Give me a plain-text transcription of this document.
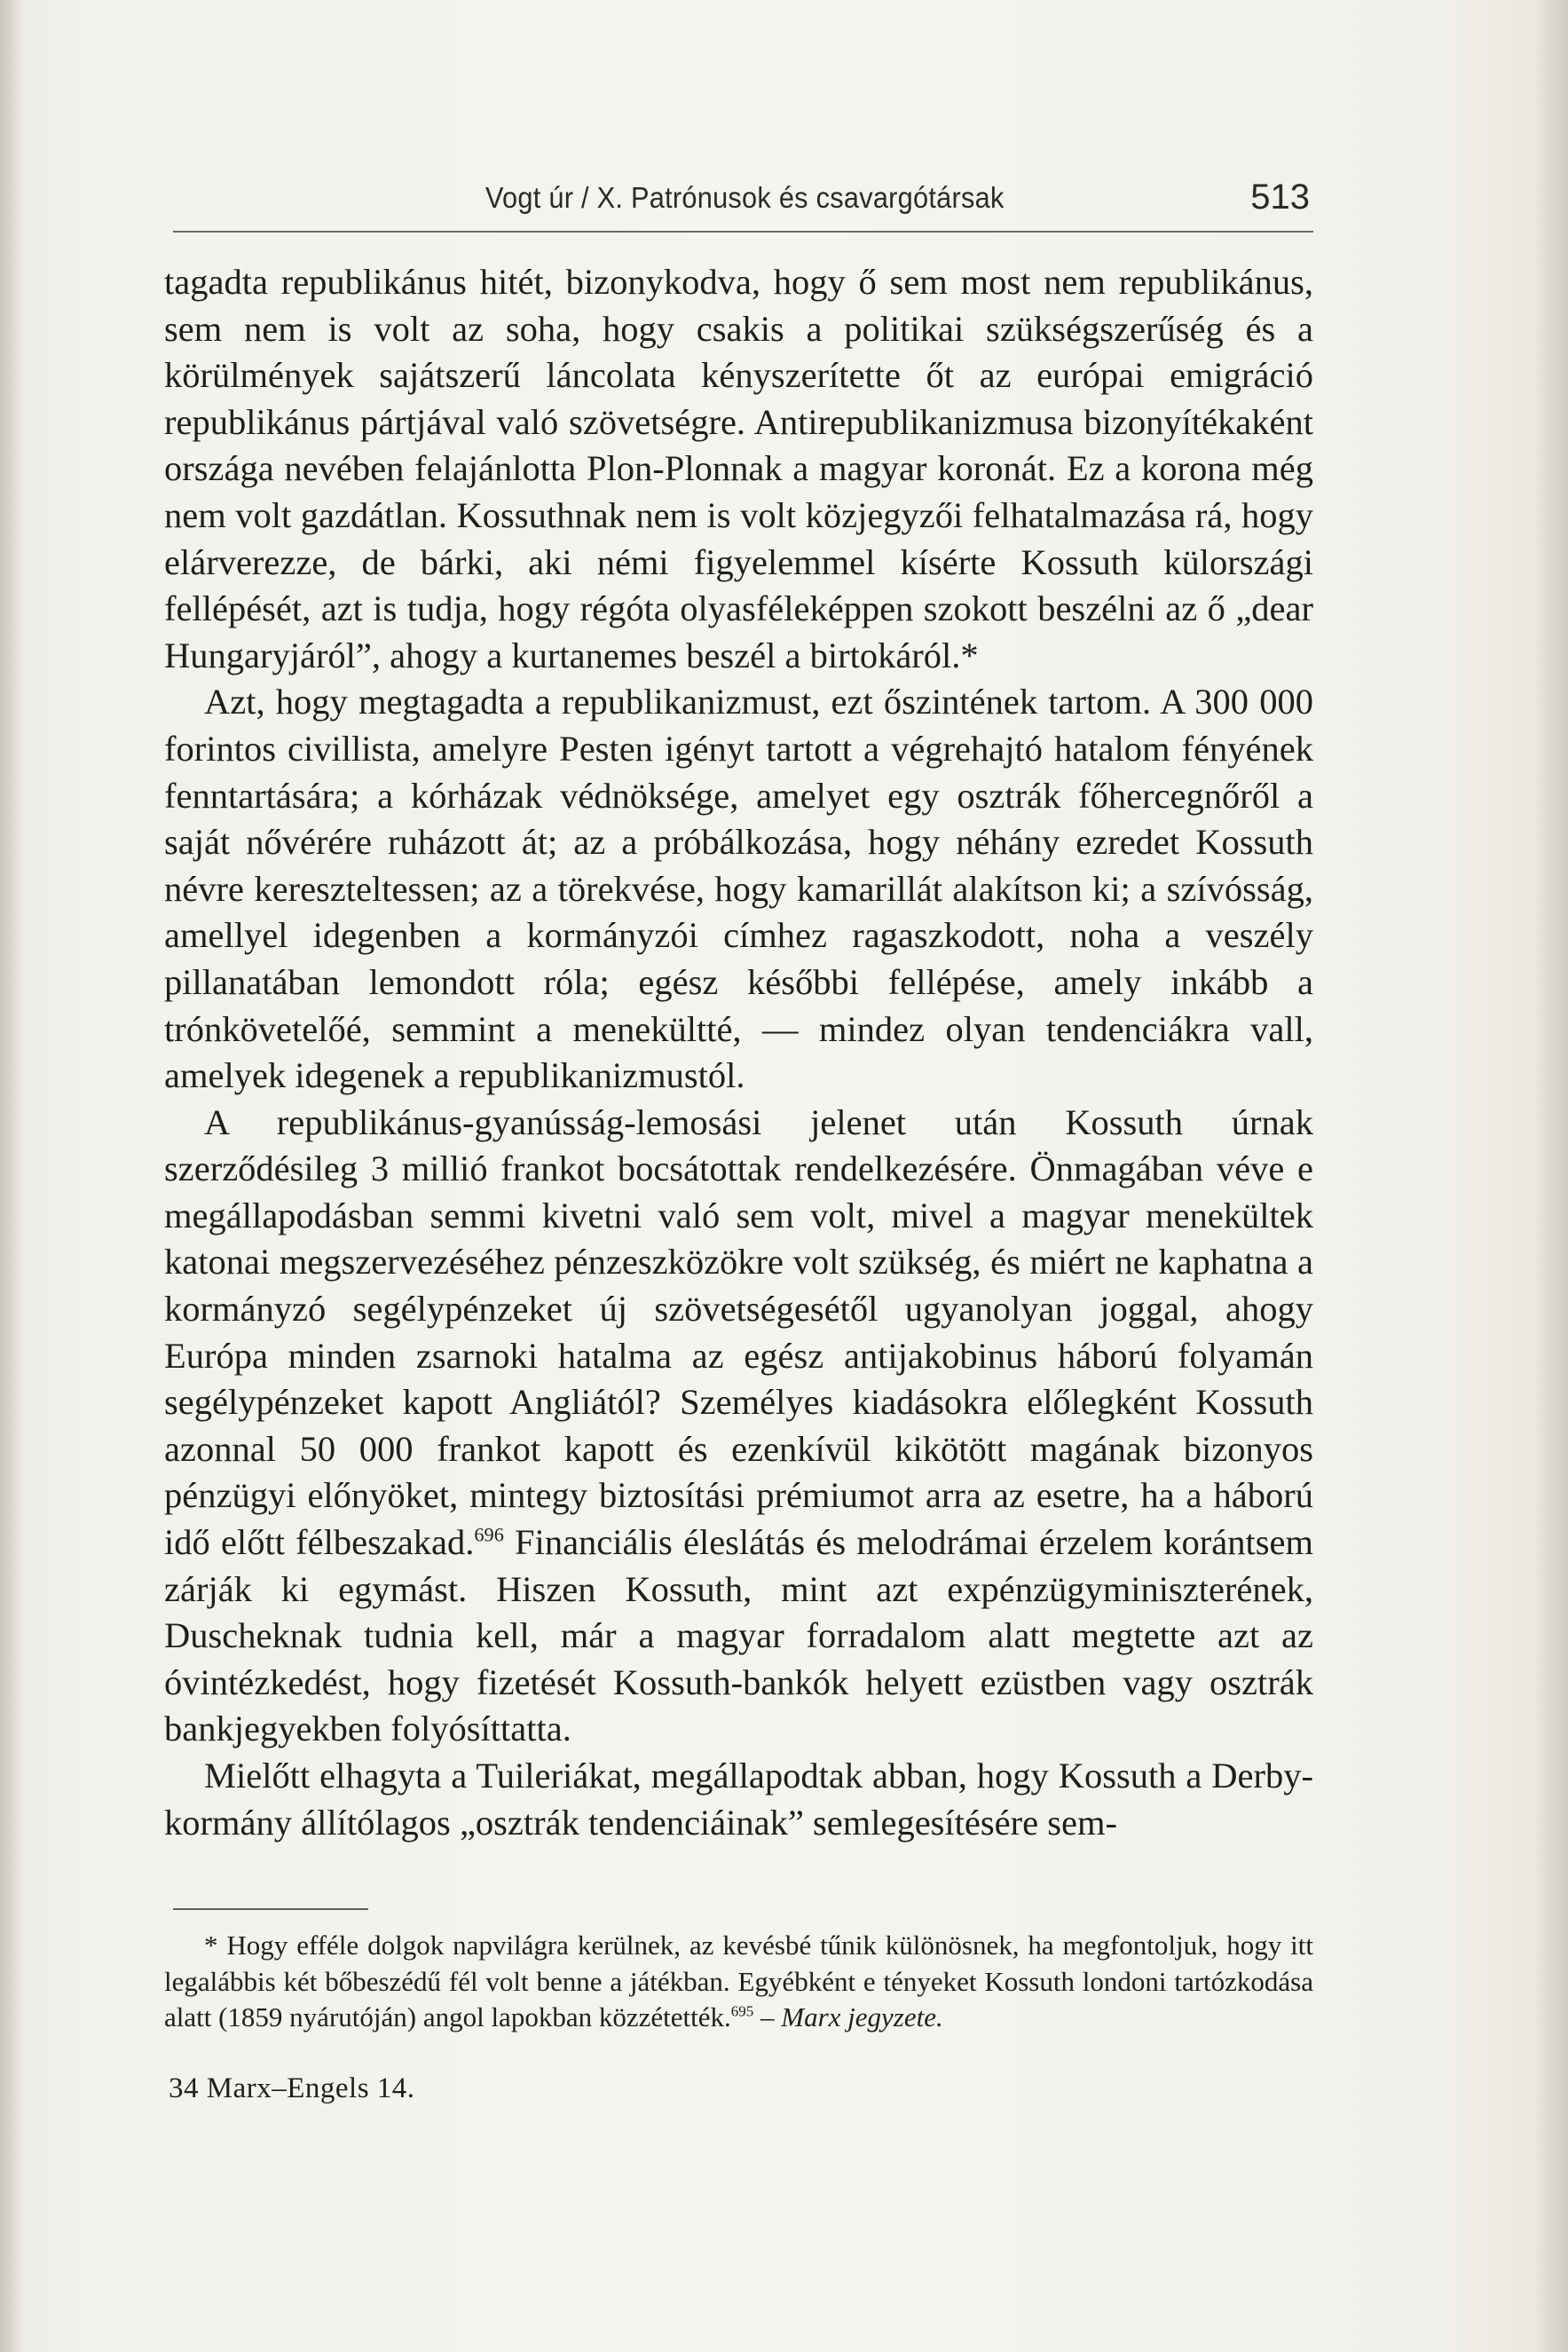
Vogt úr / X. Patrónusok és csavargótársak	513

tagadta republikánus hitét, bizonykodva, hogy ő sem most nem republikánus, sem nem is volt az soha, hogy csakis a politikai szükségszerűség és a körülmények sajátszerű láncolata kényszerítette őt az európai emigráció republikánus pártjával való szövetségre. Antirepublikanizmusa bizonyítékaként országa nevében felajánlotta Plon-Plonnak a magyar koronát. Ez a korona még nem volt gazdátlan. Kossuthnak nem is volt közjegyzői felhatalmazása rá, hogy elárverezze, de bárki, aki némi figyelemmel kísérte Kossuth külországi fellépését, azt is tudja, hogy régóta olyasféleképpen szokott beszélni az ő „dear Hungaryjáról”, ahogy a kurtanemes beszél a birtokáról.*

Azt, hogy megtagadta a republikanizmust, ezt őszintének tartom. A 300 000 forintos civillista, amelyre Pesten igényt tartott a végrehajtó hatalom fényének fenntartására; a kórházak védnöksége, amelyet egy osztrák főhercegnőről a saját nővérére ruházott át; az a próbálkozása, hogy néhány ezredet Kossuth névre kereszteltessen; az a törekvése, hogy kamarillát alakítson ki; a szívósság, amellyel idegenben a kormányzói címhez ragaszkodott, noha a veszély pillanatában lemondott róla; egész későbbi fellépése, amely inkább a trónkövetelőé, semmint a menekültté, — mindez olyan tendenciákra vall, amelyek idegenek a republikanizmustól.

A republikánus-gyanússág-lemosási jelenet után Kossuth úrnak szerződésileg 3 millió frankot bocsátottak rendelkezésére. Önmagában véve e megállapodásban semmi kivetni való sem volt, mivel a magyar menekültek katonai megszervezéséhez pénzeszközökre volt szükség, és miért ne kaphatna a kormányzó segélypénzeket új szövetségesétől ugyanolyan joggal, ahogy Európa minden zsarnoki hatalma az egész antijakobinus háború folyamán segélypénzeket kapott Angliától? Személyes kiadásokra előlegként Kossuth azonnal 50 000 frankot kapott és ezenkívül kikötött magának bizonyos pénzügyi előnyöket, mintegy biztosítási prémiumot arra az esetre, ha a háború idő előtt félbeszakad.$^{696}$ Financiális éleslátás és melodrámai érzelem korántsem zárják ki egymást. Hiszen Kossuth, mint azt expénzügyminiszterének, Duscheknak tudnia kell, már a magyar forradalom alatt megtette azt az óvintézkedést, hogy fizetését Kossuth-bankók helyett ezüstben vagy osztrák bankjegyekben folyósíttatta.

Mielőtt elhagyta a Tuileriákat, megállapodtak abban, hogy Kossuth a Derby-kormány állítólagos „osztrák tendenciáinak” semlegesítésére sem-

* Hogy efféle dolgok napvilágra kerülnek, az kevésbé tűnik különösnek, ha megfontoljuk, hogy itt legalábbis két bőbeszédű fél volt benne a játékban. Egyébként e tényeket Kossuth londoni tartózkodása alatt (1859 nyárutóján) angol lapokban közzétették.$^{695}$ – Marx jegyzete.
34 Marx–Engels 14.
